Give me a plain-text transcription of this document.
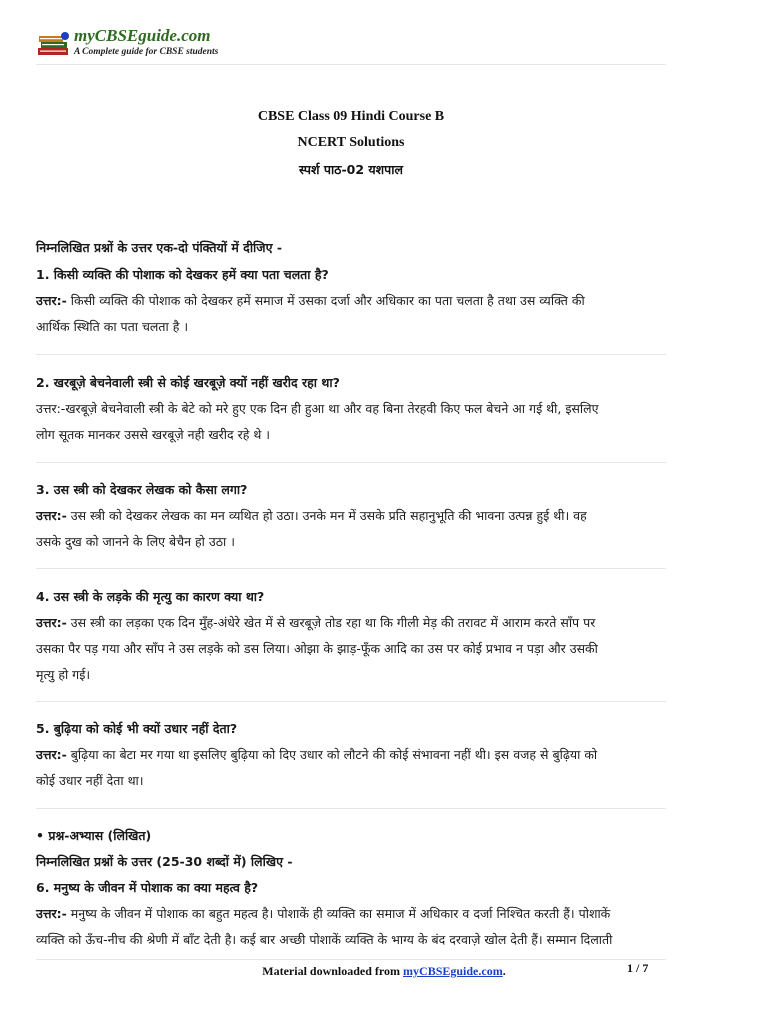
myCBSEguide.com
A Complete guide for CBSE students
CBSE Class 09 Hindi Course B
NCERT Solutions
स्पर्श पाठ-02 यशपाल
निम्नलिखित प्रश्नों के उत्तर एक-दो पंक्तियों में दीजिए -
1. किसी व्यक्ति की पोशाक को देखकर हमें क्या पता चलता है?
उत्तर:- किसी व्यक्ति की पोशाक को देखकर हमें समाज में उसका दर्जा और अधिकार का पता चलता है तथा उस व्यक्ति की
आर्थिक स्थिति का पता चलता है ।
2. खरबूज़े बेचनेवाली स्त्री से कोई खरबूज़े क्यों नहीं खरीद रहा था?
उत्तर:-खरबूज़े बेचनेवाली स्त्री के बेटे को मरे हुए एक दिन ही हुआ था और वह बिना तेरहवी किए फल बेचने आ गई थी, इसलिए
लोग सूतक मानकर उससे खरबूज़े नही खरीद रहे थे ।
3. उस स्त्री को देखकर लेखक को कैसा लगा?
उत्तर:- उस स्त्री को देखकर लेखक का मन व्यथित हो उठा। उनके मन में उसके प्रति सहानुभूति की भावना उत्पन्न हुई थी। वह
उसके दुख को जानने के लिए बेचैन हो उठा ।
4. उस स्त्री के लड़के की मृत्यु का कारण क्या था?
उत्तर:- उस स्त्री का लड़का एक दिन मुँह-अंधेरे खेत में से खरबूज़े तोड रहा था कि गीली मेड़ की तरावट में आराम करते साँप पर
उसका पैर पड़ गया और साँप ने उस लड़के को डस लिया। ओझा के झाड़-फूँक आदि का उस पर कोई प्रभाव न पड़ा और उसकी
मृत्यु हो गई।
5. बुढ़िया को कोई भी क्यों उधार नहीं देता?
उत्तर:- बुढ़िया का बेटा मर गया था इसलिए बुढ़िया को दिए उधार को लौटने की कोई संभावना नहीं थी। इस वजह से बुढ़िया को
कोई उधार नहीं देता था।
• प्रश्न-अभ्यास (लिखित)
निम्नलिखित प्रश्नों के उत्तर (25-30 शब्दों में) लिखिए -
6. मनुष्य के जीवन में पोशाक का क्या महत्व है?
उत्तर:- मनुष्य के जीवन में पोशाक का बहुत महत्व है। पोशाकें ही व्यक्ति का समाज में अधिकार व दर्जा निश्चित करती हैं। पोशाकें
व्यक्ति को ऊँच-नीच की श्रेणी में बाँट देती है। कई बार अच्छी पोशाकें व्यक्ति के भाग्य के बंद दरवाज़े खोल देती हैं। सम्मान दिलाती
Material downloaded from myCBSEguide.com.	1 / 7
